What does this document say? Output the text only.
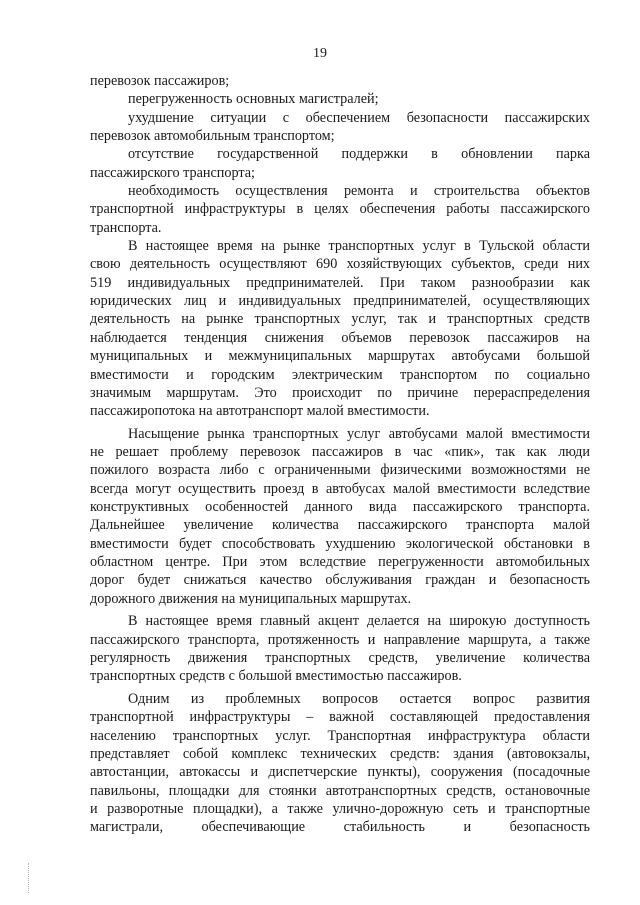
19
перевозок пассажиров;
перегруженность основных магистралей;
ухудшение ситуации с обеспечением безопасности пассажирских
перевозок автомобильным транспортом;
отсутствие государственной поддержки в обновлении парка
пассажирского транспорта;
необходимость осуществления ремонта и строительства объектов
транспортной инфраструктуры в целях обеспечения работы пассажирского
транспорта.
В настоящее время на рынке транспортных услуг в Тульской области
свою деятельность осуществляют 690 хозяйствующих субъектов, среди них
519 индивидуальных предпринимателей. При таком разнообразии как
юридических лиц и индивидуальных предпринимателей, осуществляющих
деятельность на рынке транспортных услуг, так и транспортных средств
наблюдается тенденция снижения объемов перевозок пассажиров на
муниципальных и межмуниципальных маршрутах автобусами большой
вместимости и городским электрическим транспортом по социально
значимым маршрутам. Это происходит по причине перераспределения
пассажиропотока на автотранспорт малой вместимости.
Насыщение рынка транспортных услуг автобусами малой вместимости
не решает проблему перевозок пассажиров в час «пик», так как люди
пожилого возраста либо с ограниченными физическими возможностями не
всегда могут осуществить проезд в автобусах малой вместимости вследствие
конструктивных особенностей данного вида пассажирского транспорта.
Дальнейшее увеличение количества пассажирского транспорта малой
вместимости будет способствовать ухудшению экологической обстановки в
областном центре. При этом вследствие перегруженности автомобильных
дорог будет снижаться качество обслуживания граждан и безопасность
дорожного движения на муниципальных маршрутах.
В настоящее время главный акцент делается на широкую доступность
пассажирского транспорта, протяженность и направление маршрута, а также
регулярность движения транспортных средств, увеличение количества
транспортных средств с большой вместимостью пассажиров.
Одним из проблемных вопросов остается вопрос развития
транспортной инфраструктуры – важной составляющей предоставления
населению транспортных услуг. Транспортная инфраструктура области
представляет собой комплекс технических средств: здания (автовокзалы,
автостанции, автокассы и диспетчерские пункты), сооружения (посадочные
павильоны, площадки для стоянки автотранспортных средств, остановочные
и разворотные площадки), а также улично-дорожную сеть и транспортные
магистрали, обеспечивающие стабильность и безопасность
